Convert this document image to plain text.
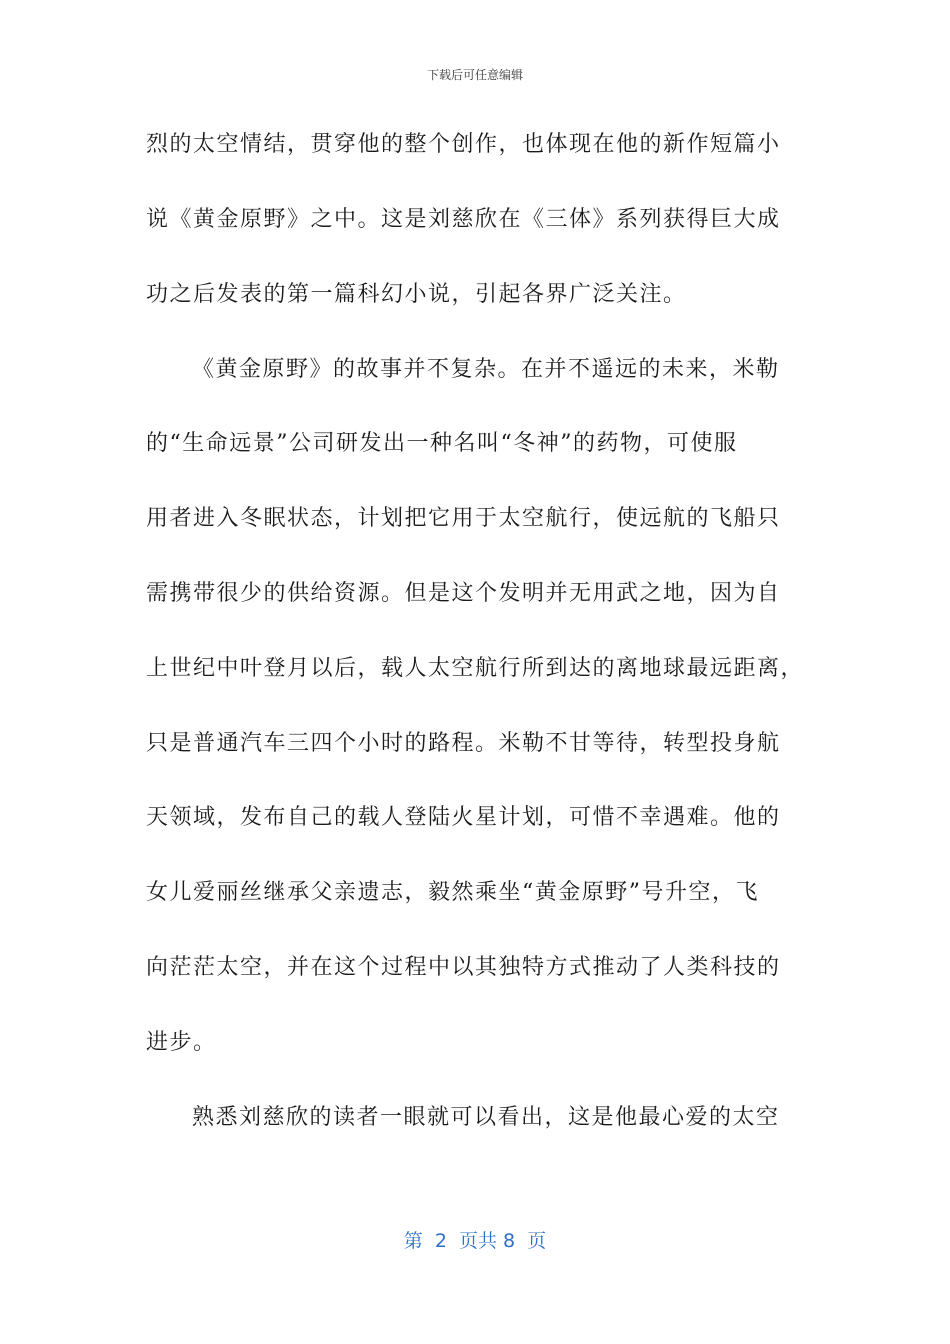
下载后可任意编辑
烈的太空情结，贯穿他的整个创作，也体现在他的新作短篇小
说《黄金原野》之中。这是刘慈欣在《三体》系列获得巨大成
功之后发表的第一篇科幻小说，引起各界广泛关注。
《黄金原野》的故事并不复杂。在并不遥远的未来，米勒
的“生命远景”公司研发出一种名叫“冬神”的药物，可使服
用者进入冬眠状态，计划把它用于太空航行，使远航的飞船只
需携带很少的供给资源。但是这个发明并无用武之地，因为自
上世纪中叶登月以后，载人太空航行所到达的离地球最远距离，
只是普通汽车三四个小时的路程。米勒不甘等待，转型投身航
天领域，发布自己的载人登陆火星计划，可惜不幸遇难。他的
女儿爱丽丝继承父亲遗志，毅然乘坐“黄金原野”号升空，飞
向茫茫太空，并在这个过程中以其独特方式推动了人类科技的
进步。
熟悉刘慈欣的读者一眼就可以看出，这是他最心爱的太空
第  2  页共 8  页
